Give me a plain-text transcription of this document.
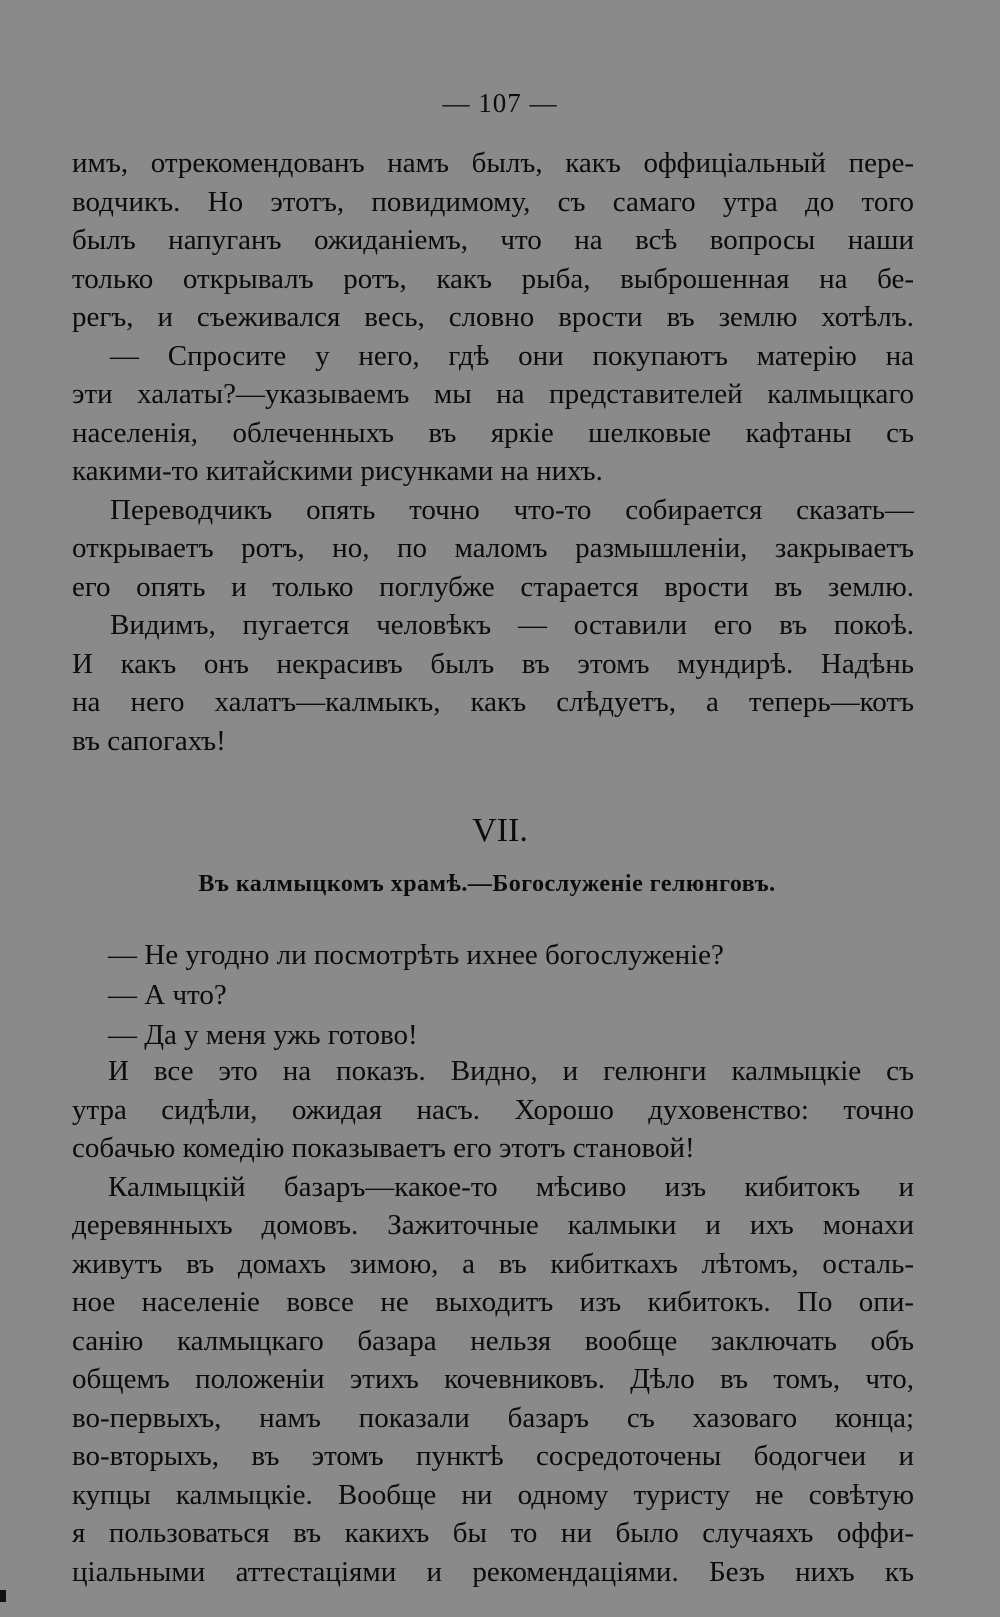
— 107 —
имъ, отрекомендованъ намъ былъ, какъ оффиціальный пере-
водчикъ. Но этотъ, повидимому, съ самаго утра до того
былъ напуганъ ожиданіемъ, что на всѣ вопросы наши
только открывалъ ротъ, какъ рыба, выброшенная на бе-
регъ, и съеживался весь, словно врости въ землю хотѣлъ.
— Спросите у него, гдѣ они покупаютъ матерію на
эти халаты?—указываемъ мы на представителей калмыцкаго
населенія, облеченныхъ въ яркіе шелковые кафтаны съ
какими-то китайскими рисунками на нихъ.
Переводчикъ опять точно что-то собирается сказать—
открываетъ ротъ, но, по маломъ размышленіи, закрываетъ
его опять и только поглубже старается врости въ землю.
Видимъ, пугается человѣкъ — оставили его въ покоѣ.
И какъ онъ некрасивъ былъ въ этомъ мундирѣ. Надѣнь
на него халатъ—калмыкъ, какъ слѣдуетъ, а теперь—котъ
въ сапогахъ!
VII.
Въ калмыцкомъ храмѣ.—Богослуженіе гелюнговъ.
— Не угодно ли посмотрѣть ихнее богослуженіе?
— А что?
— Да у меня ужь готово!
И все это на показъ. Видно, и гелюнги калмыцкіе съ
утра сидѣли, ожидая насъ. Хорошо духовенство: точно
собачью комедію показываетъ его этотъ становой!
Калмыцкій базаръ—какое-то мѣсиво изъ кибитокъ и
деревянныхъ домовъ. Зажиточные калмыки и ихъ монахи
живутъ въ домахъ зимою, а въ кибиткахъ лѣтомъ, осталь-
ное населеніе вовсе не выходитъ изъ кибитокъ. По опи-
санію калмыцкаго базара нельзя вообще заключать объ
общемъ положеніи этихъ кочевниковъ. Дѣло въ томъ, что,
во-первыхъ, намъ показали базаръ съ хазоваго конца;
во-вторыхъ, въ этомъ пунктѣ сосредоточены бодогчеи и
купцы калмыцкіе. Вообще ни одному туристу не совѣтую
я пользоваться въ какихъ бы то ни было случаяхъ оффи-
ціальными аттестаціями и рекомендаціями. Безъ нихъ къ
